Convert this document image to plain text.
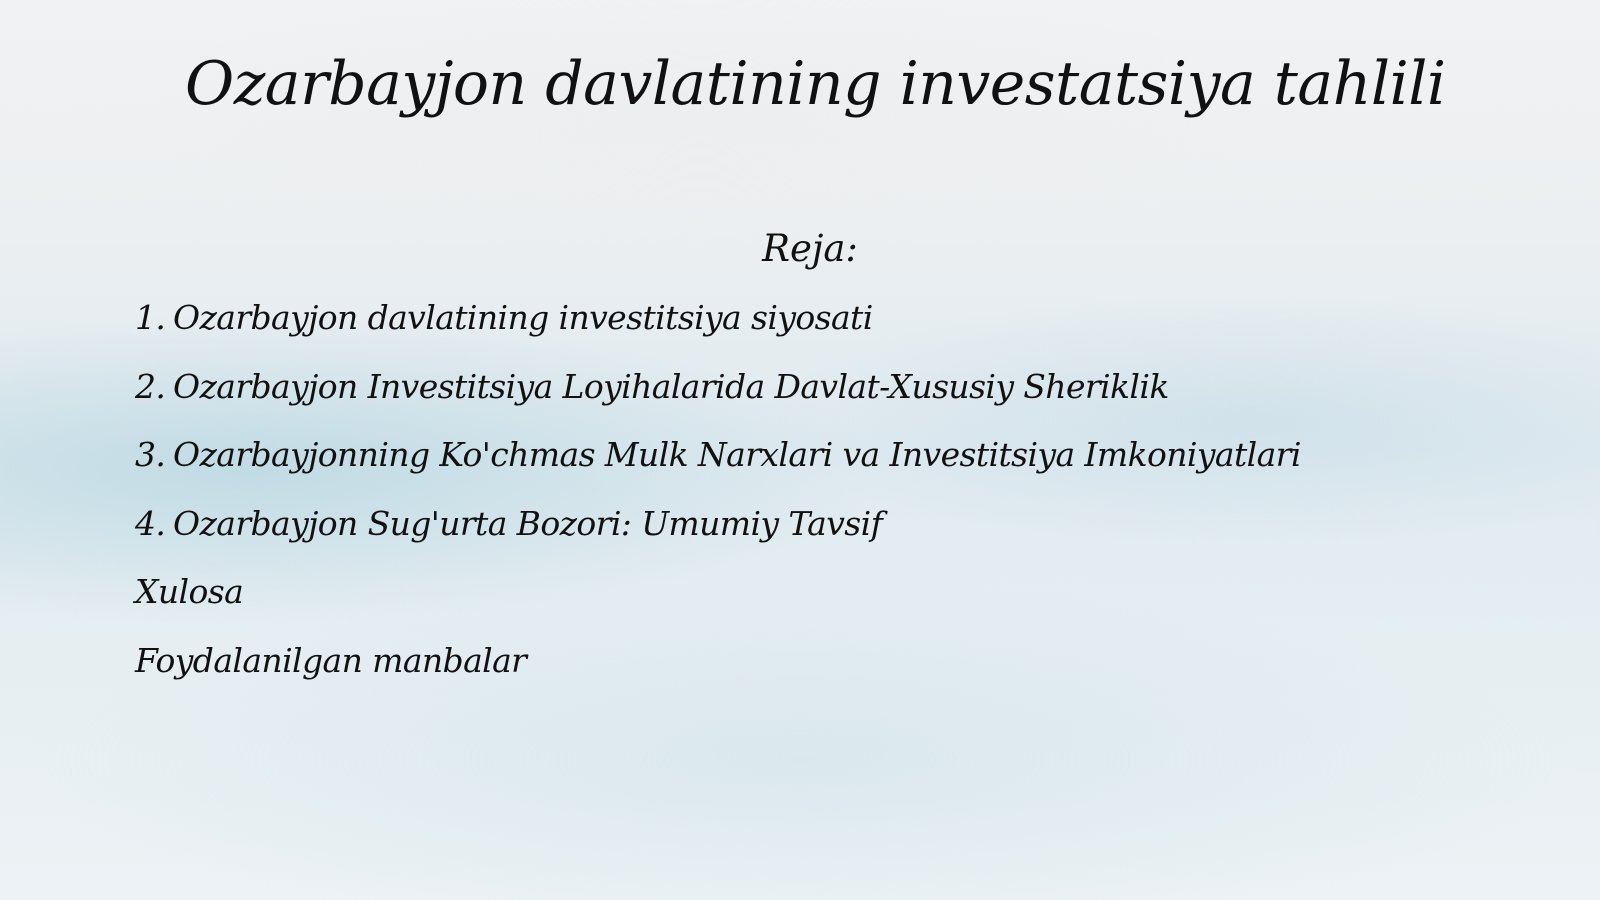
Ozarbayjon davlatining investatsiya tahlili
Reja:
1. Ozarbayjon davlatining investitsiya siyosati
2. Ozarbayjon Investitsiya Loyihalarida Davlat-Xususiy Sheriklik
3. Ozarbayjonning Ko'chmas Mulk Narxlari va Investitsiya Imkoniyatlari
4. Ozarbayjon Sug'urta Bozori: Umumiy Tavsif
Xulosa
Foydalanilgan manbalar
